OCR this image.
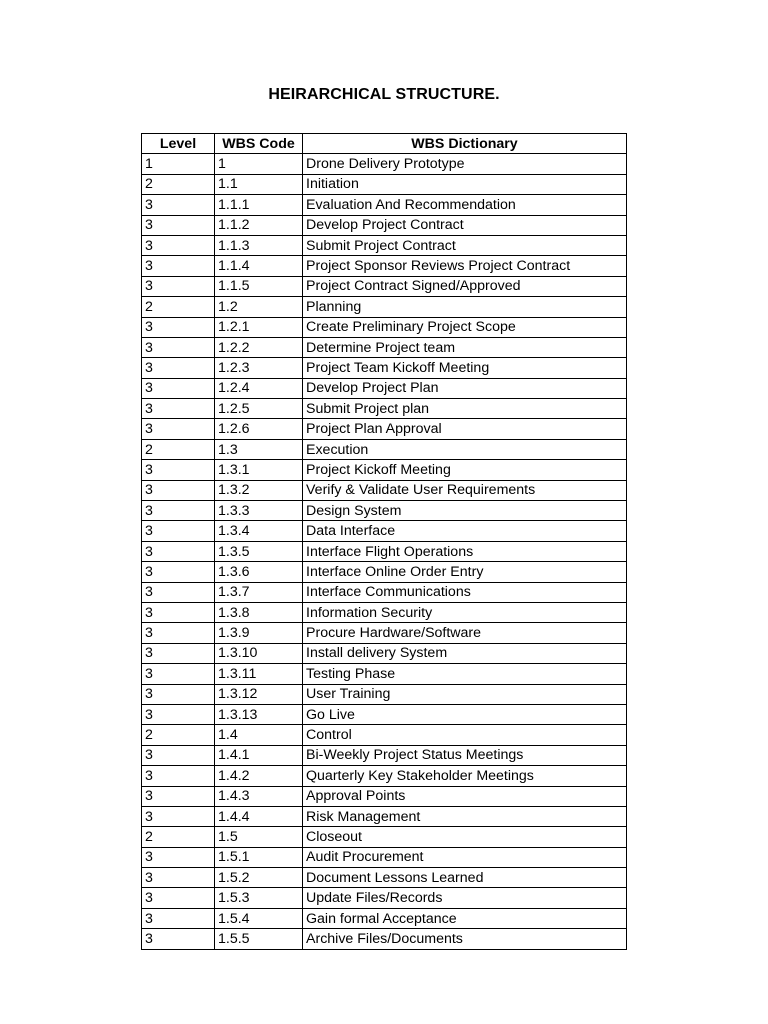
HEIRARCHICAL STRUCTURE.
Level	WBS Code	WBS Dictionary
1	1	Drone Delivery Prototype
2	1.1	Initiation
3	1.1.1	Evaluation And Recommendation
3	1.1.2	Develop Project Contract
3	1.1.3	Submit Project Contract
3	1.1.4	Project Sponsor Reviews Project Contract
3	1.1.5	Project Contract Signed/Approved
2	1.2	Planning
3	1.2.1	Create Preliminary Project Scope
3	1.2.2	Determine Project team
3	1.2.3	Project Team Kickoff Meeting
3	1.2.4	Develop Project Plan
3	1.2.5	Submit Project plan
3	1.2.6	Project Plan Approval
2	1.3	Execution
3	1.3.1	Project Kickoff Meeting
3	1.3.2	Verify & Validate User Requirements
3	1.3.3	Design System
3	1.3.4	Data Interface
3	1.3.5	Interface Flight Operations
3	1.3.6	Interface Online Order Entry
3	1.3.7	Interface Communications
3	1.3.8	Information Security
3	1.3.9	Procure Hardware/Software
3	1.3.10	Install delivery System
3	1.3.11	Testing Phase
3	1.3.12	User Training
3	1.3.13	Go Live
2	1.4	Control
3	1.4.1	Bi-Weekly Project Status Meetings
3	1.4.2	Quarterly Key Stakeholder Meetings
3	1.4.3	Approval Points
3	1.4.4	Risk Management
2	1.5	Closeout
3	1.5.1	Audit Procurement
3	1.5.2	Document Lessons Learned
3	1.5.3	Update Files/Records
3	1.5.4	Gain formal Acceptance
3	1.5.5	Archive Files/Documents
